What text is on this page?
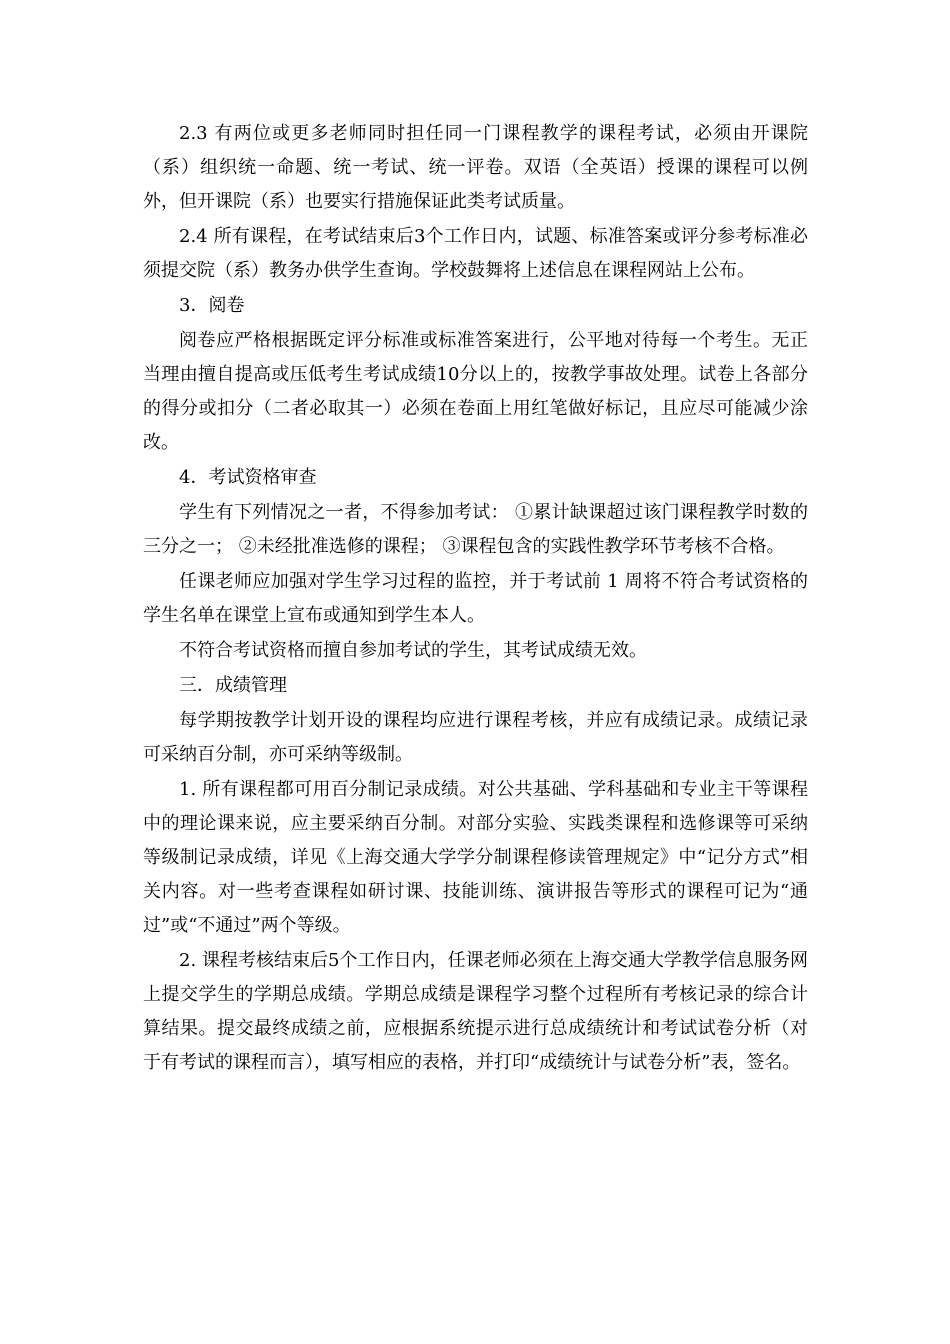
2.3 有两位或更多老师同时担任同一门课程教学的课程考试，必须由开课院（系）组织统一命题、统一考试、统一评卷。双语（全英语）授课的课程可以例外，但开课院（系）也要实行措施保证此类考试质量。

2.4 所有课程，在考试结束后3个工作日内，试题、标准答案或评分参考标准必须提交院（系）教务办供学生查询。学校鼓舞将上述信息在课程网站上公布。

3．阅卷

阅卷应严格根据既定评分标准或标准答案进行，公平地对待每一个考生。无正当理由擅自提高或压低考生考试成绩10分以上的，按教学事故处理。试卷上各部分的得分或扣分（二者必取其一）必须在卷面上用红笔做好标记，且应尽可能减少涂改。

4．考试资格审查

学生有下列情况之一者，不得参加考试： ①累计缺课超过该门课程教学时数的三分之一； ②未经批准选修的课程； ③课程包含的实践性教学环节考核不合格。

任课老师应加强对学生学习过程的监控，并于考试前 1 周将不符合考试资格的学生名单在课堂上宣布或通知到学生本人。

不符合考试资格而擅自参加考试的学生，其考试成绩无效。

三．成绩管理

每学期按教学计划开设的课程均应进行课程考核，并应有成绩记录。成绩记录可采纳百分制，亦可采纳等级制。

1. 所有课程都可用百分制记录成绩。对公共基础、学科基础和专业主干等课程中的理论课来说，应主要采纳百分制。对部分实验、实践类课程和选修课等可采纳等级制记录成绩，详见《上海交通大学学分制课程修读管理规定》中“记分方式”相关内容。对一些考查课程如研讨课、技能训练、演讲报告等形式的课程可记为“通过”或“不通过”两个等级。

2. 课程考核结束后5个工作日内，任课老师必须在上海交通大学教学信息服务网上提交学生的学期总成绩。学期总成绩是课程学习整个过程所有考核记录的综合计算结果。提交最终成绩之前，应根据系统提示进行总成绩统计和考试试卷分析（对于有考试的课程而言），填写相应的表格，并打印“成绩统计与试卷分析”表，签名。
